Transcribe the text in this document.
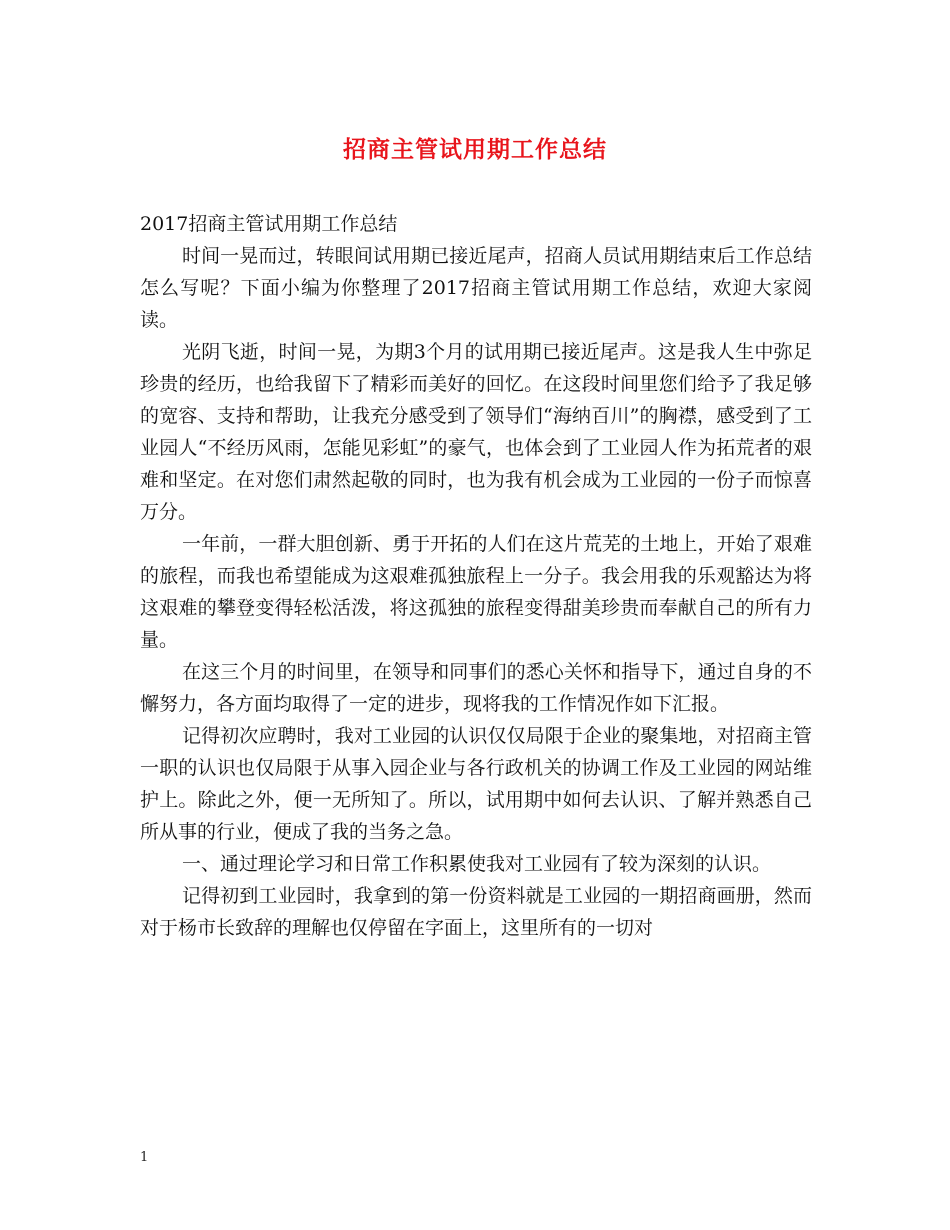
招商主管试用期工作总结

2017招商主管试用期工作总结

时间一晃而过，转眼间试用期已接近尾声，招商人员试用期结束后工作总结怎么写呢？下面小编为你整理了2017招商主管试用期工作总结，欢迎大家阅读。

光阴飞逝，时间一晃，为期3个月的试用期已接近尾声。这是我人生中弥足珍贵的经历，也给我留下了精彩而美好的回忆。在这段时间里您们给予了我足够的宽容、支持和帮助，让我充分感受到了领导们“海纳百川”的胸襟，感受到了工业园人“不经历风雨，怎能见彩虹”的豪气，也体会到了工业园人作为拓荒者的艰难和坚定。在对您们肃然起敬的同时，也为我有机会成为工业园的一份子而惊喜万分。

一年前，一群大胆创新、勇于开拓的人们在这片荒芜的土地上，开始了艰难的旅程，而我也希望能成为这艰难孤独旅程上一分子。我会用我的乐观豁达为将这艰难的攀登变得轻松活泼，将这孤独的旅程变得甜美珍贵而奉献自己的所有力量。

在这三个月的时间里，在领导和同事们的悉心关怀和指导下，通过自身的不懈努力，各方面均取得了一定的进步，现将我的工作情况作如下汇报。

记得初次应聘时，我对工业园的认识仅仅局限于企业的聚集地，对招商主管一职的认识也仅局限于从事入园企业与各行政机关的协调工作及工业园的网站维护上。除此之外，便一无所知了。所以，试用期中如何去认识、了解并熟悉自己所从事的行业，便成了我的当务之急。

一、通过理论学习和日常工作积累使我对工业园有了较为深刻的认识。

记得初到工业园时，我拿到的第一份资料就是工业园的一期招商画册，然而对于杨市长致辞的理解也仅停留在字面上，这里所有的一切对

1
